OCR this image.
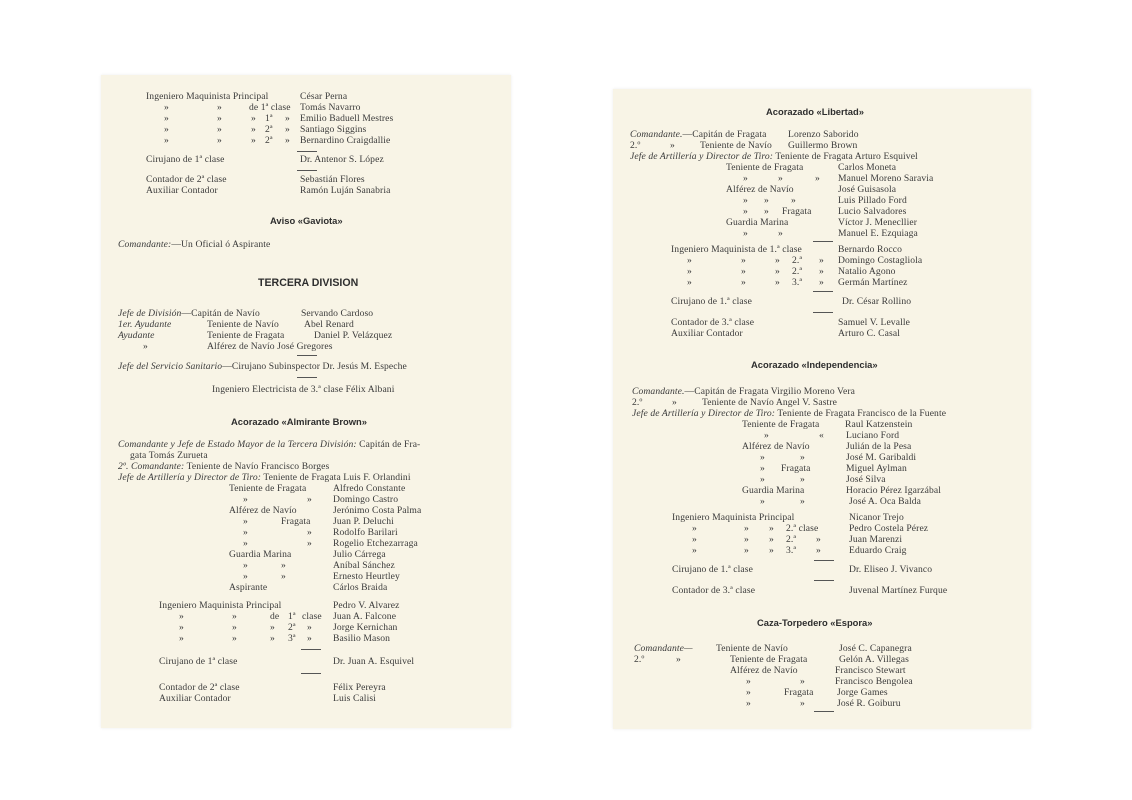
Ingeniero Maquinista Principal	César Perna
»	»	de 1ª clase Tomás Navarro
»	»	» 1ª » Emilio Baduell Mestres
»	»	» 2ª » Santiago Siggins
»	»	» 2ª » Bernardino Craigdallie
Cirujano de 1ª clase	Dr. Antenor S. López
Contador de 2ª clase	Sebastián Flores
Auxiliar Contador	Ramón Luján Sanabria
Aviso «Gaviota»
Comandante:—Un Oficial ó Aspirante
TERCERA DIVISION
Jefe de División—Capitán de Navío	Servando Cardoso
1er. Ayudante	Teniente de Navío	Abel Renard
Ayudante	Teniente de Fragata	Daniel P. Velázquez
»	Alférez de Navío José Gregores
Jefe del Servicio Sanitario—Cirujano Subinspector Dr. Jesús M. Espeche
Ingeniero Electricista de 3.ª clase Félix Albani
Acorazado «Almirante Brown»
Comandante y Jefe de Estado Mayor de la Tercera División: Capitán de Fra-
gata Tomás Zurueta
2º. Comandante: Teniente de Navío Francisco Borges
Jefe de Artillería y Director de Tiro: Teniente de Fragata Luis F. Orlandini
Teniente de Fragata	Alfredo Constante
»	» Domingo Castro
Alférez de Navío	Jerónimo Costa Palma
»	Fragata Juan P. Deluchi
»	» Rodolfo Barilari
»	» Rogelio Etchezarraga
Guardia Marina	Julio Cárrega
»	»	Aníbal Sánchez
»	»	Ernesto Heurtley
Aspirante	Cárlos Braida
Ingeniero Maquinista Principal	Pedro V. Alvarez
»	»	de 1ª clase Juan A. Falcone
»	»	» 2ª » Jorge Kernichan
»	»	» 3ª » Basilio Mason
Cirujano de 1ª clase	Dr. Juan A. Esquivel
Contador de 2ª clase	Félix Pereyra
Auxiliar Contador	Luis Calisi
Acorazado «Libertad»
Comandante.—Capitán de Fragata Lorenzo Saborido
2.º	»	Teniente de Navío Guillermo Brown
Jefe de Artillería y Director de Tiro: Teniente de Fragata Arturo Esquivel
Teniente de Fragata	Carlos Moneta
»	»	» Manuel Moreno Saravia
Alférez de Navío	José Guisasola
» » »	Luis Pillado Ford
» » Fragata	Lucio Salvadores
Guardia Marina	Víctor J. Menecllier
»	»	Manuel E. Ezquiaga
Ingeniero Maquinista de 1.ª clase	Bernardo Rocco
»	»	» 2.ª » Domingo Costagliola
»	»	» 2.ª » Natalio Agono
»	»	» 3.ª » Germán Martínez
Cirujano de 1.ª clase	Dr. César Rollino
Contador de 3.ª clase	Samuel V. Levalle
Auxiliar Contador	Arturo C. Casal
Acorazado «Independencia»
Comandante.—Capitán de Fragata Virgilio Moreno Vera
2.º	»	Teniente de Navío Angel V. Sastre
Jefe de Artillería y Director de Tiro: Teniente de Fragata Francisco de la Fuente
Teniente de Fragata	Raul Katzenstein
»	« Luciano Ford
Alférez de Navío	Julián de la Pesa
»	»	José M. Garibaldi
» Fragata	Miguel Aylman
»	»	José Silva
Guardia Marina	Horacio Pérez Igarzábal
»	»	José A. Oca Balda
Ingeniero Maquinista Principal	Nicanor Trejo
»	» » 2.ª clase	Pedro Costela Pérez
»	» » 2.ª »	Juan Marenzi
»	» » 3.ª »	Eduardo Craig
Cirujano de 1.ª clase	Dr. Eliseo J. Vivanco
Contador de 3.ª clase	Juvenal Martínez Furque
Caza-Torpedero «Espora»
Comandante— Teniente de Navío	José C. Capanegra
2.º	»	Teniente de Fragata	Gelón A. Villegas
Alférez de Navío	Francisco Stewart
»	»	Francisco Bengolea
»	Fragata Jorge Games
»	»	José R. Goiburu
